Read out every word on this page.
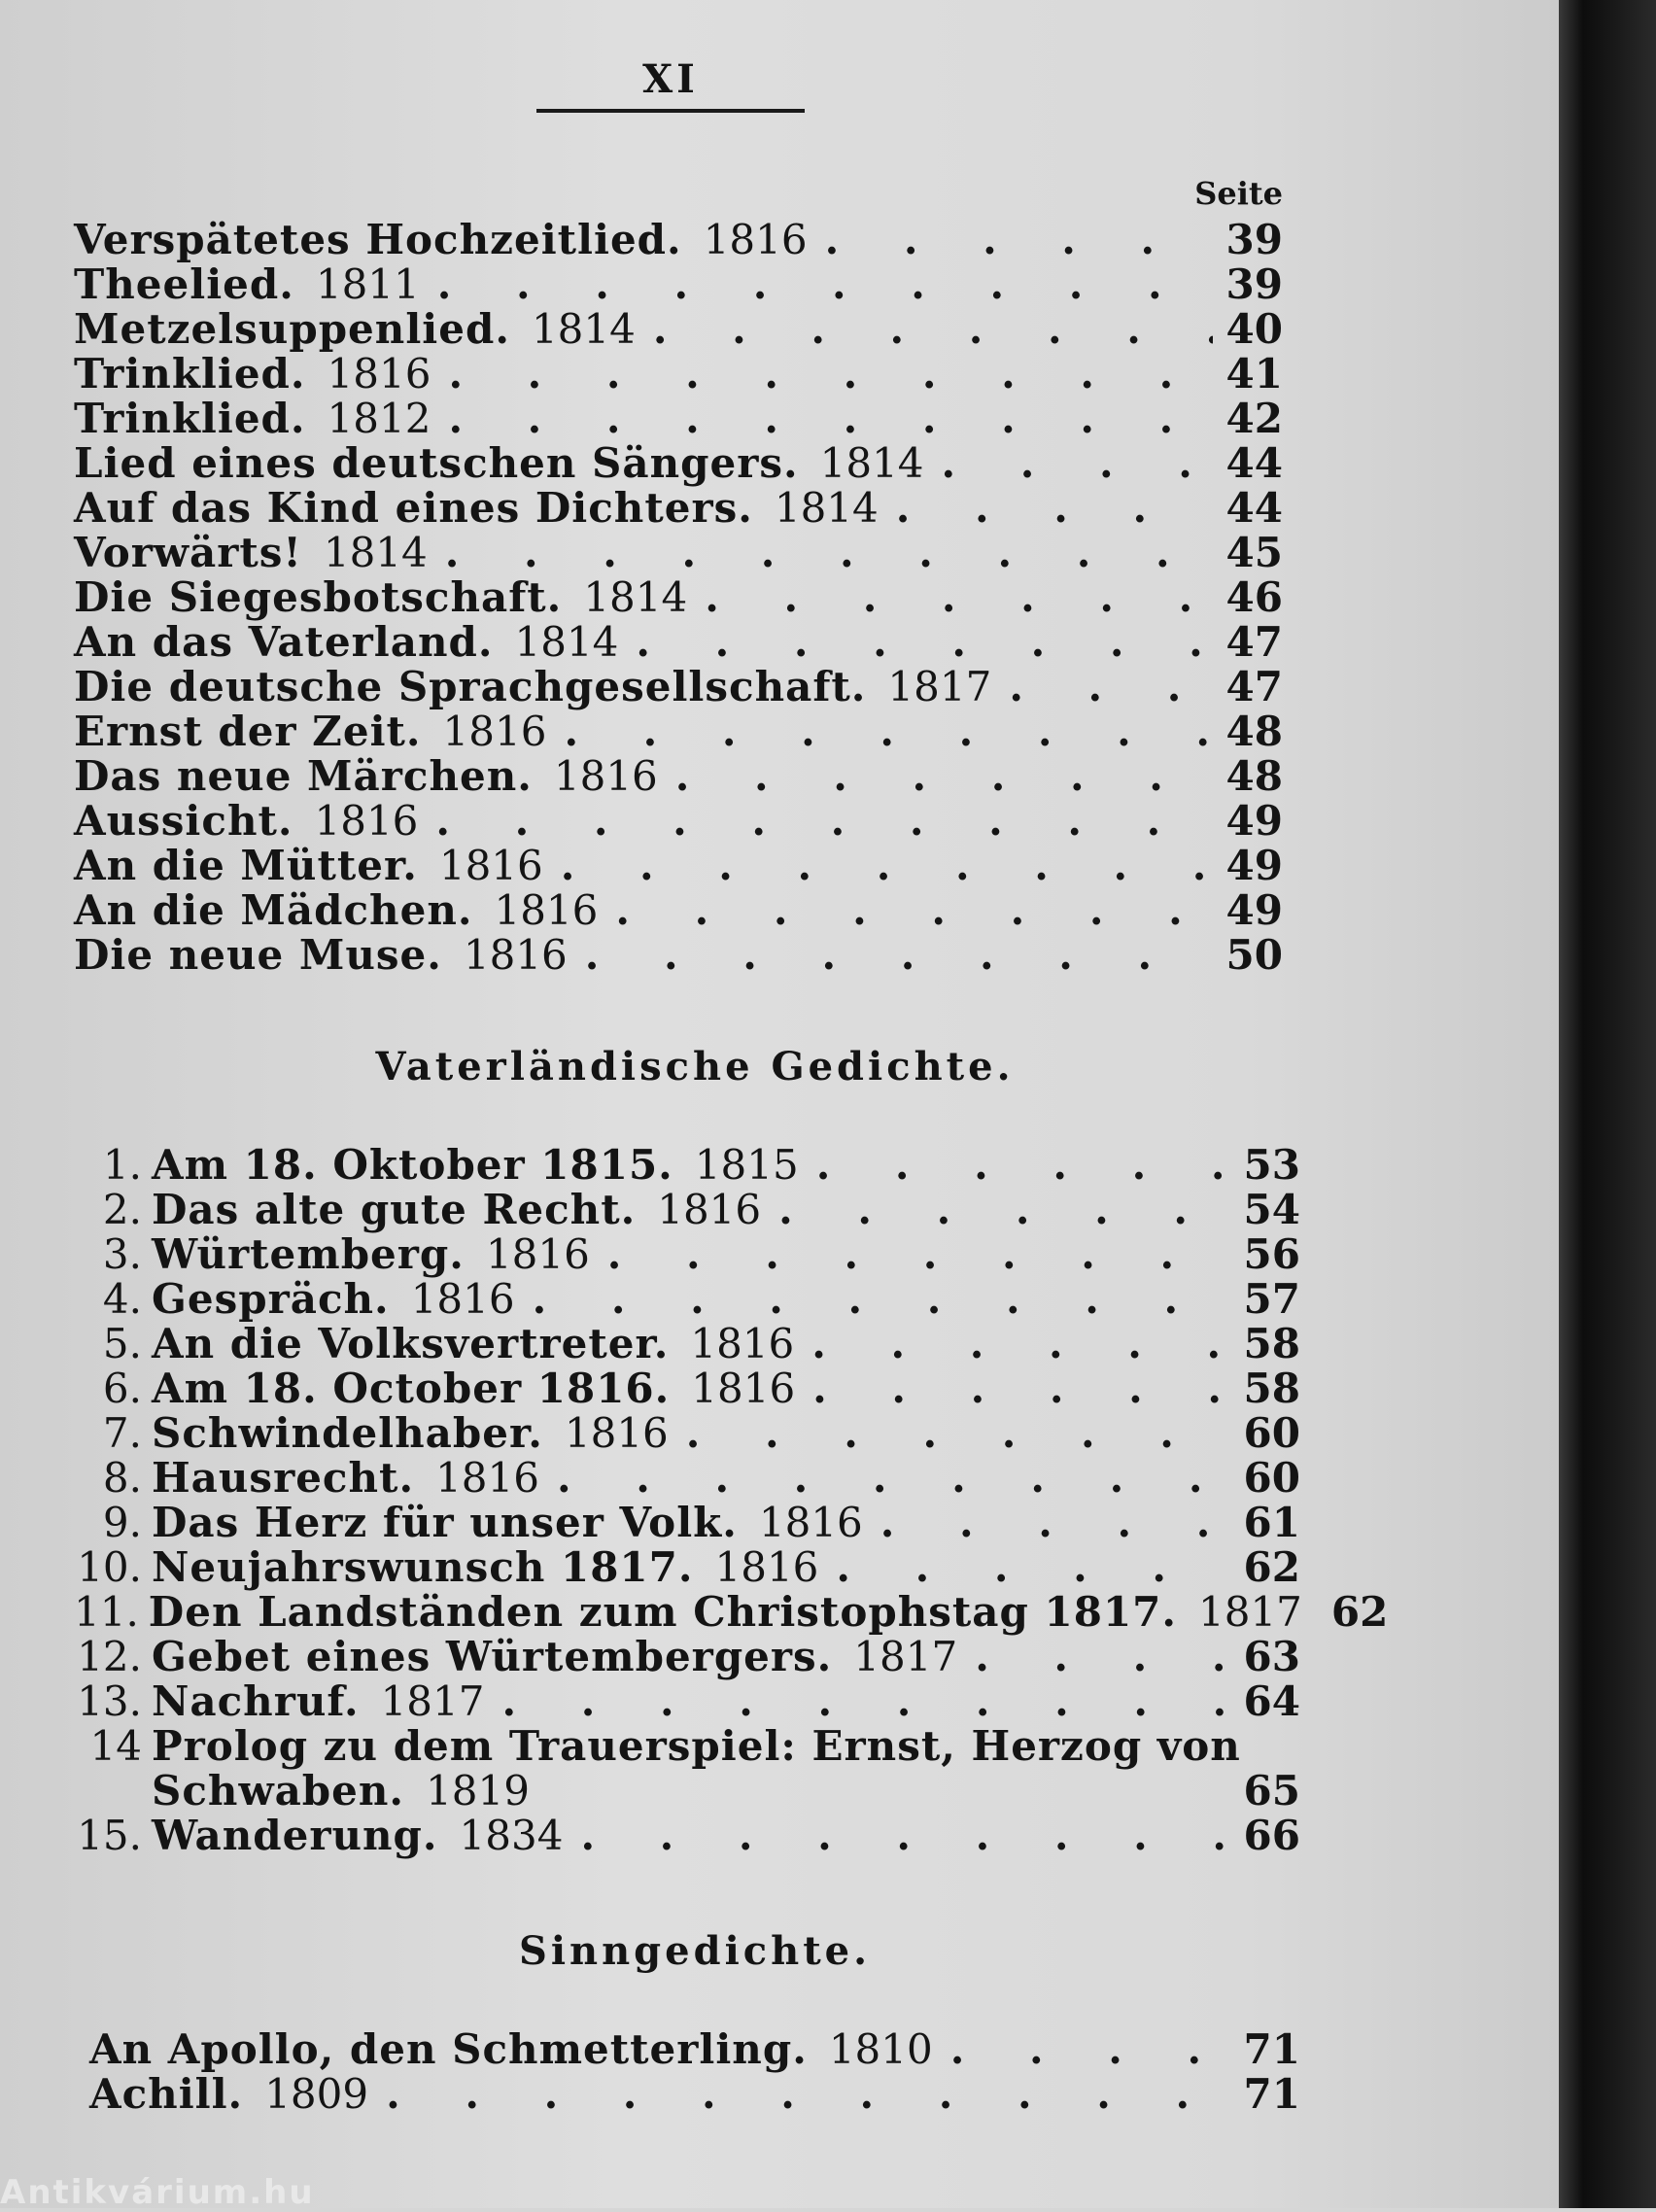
XI
Seite
Verspätetes Hochzeitlied. 1816 . . .	39
Theelied. 1811 . . .	39
Metzelsuppenlied. 1814 . . .	40
Trinklied. 1816 . . .	41
Trinklied. 1812 . . .	42
Lied eines deutschen Sängers. 1814 . . .	44
Auf das Kind eines Dichters. 1814 . . .	44
Vorwärts! 1814 . . .	45
Die Siegesbotschaft. 1814 . . .	46
An das Vaterland. 1814 . . .	47
Die deutsche Sprachgesellschaft. 1817 . . .	47
Ernst der Zeit. 1816 . . .	48
Das neue Märchen. 1816 . . .	48
Aussicht. 1816 . . .	49
An die Mütter. 1816 . . .	49
An die Mädchen. 1816 . . .	49
Die neue Muse. 1816 . . .	50
Vaterländische Gedichte.
1. Am 18. Oktober 1815. 1815 . . .	53
2. Das alte gute Recht. 1816 . . .	54
3. Würtemberg. 1816 . . .	56
4. Gespräch. 1816 . . .	57
5. An die Volksvertreter. 1816 . . .	58
6. Am 18. October 1816. 1816 . . .	58
7. Schwindelhaber. 1816 . . .	60
8. Hausrecht. 1816 . . .	60
9. Das Herz für unser Volk. 1816 . . .	61
10. Neujahrswunsch 1817. 1816 . . .	62
11. Den Landständen zum Christophstag 1817. 1817 62
12. Gebet eines Würtembergers. 1817 . . .	63
13. Nachruf. 1817 . . .	64
14 Prolog zu dem Trauerspiel: Ernst, Herzog von
Schwaben. 1819	65
15. Wanderung. 1834 . . .	66
Sinngedichte.
An Apollo, den Schmetterling. 1810 . . .	71
Achill. 1809 . . .	71
Antikvárium.hu
